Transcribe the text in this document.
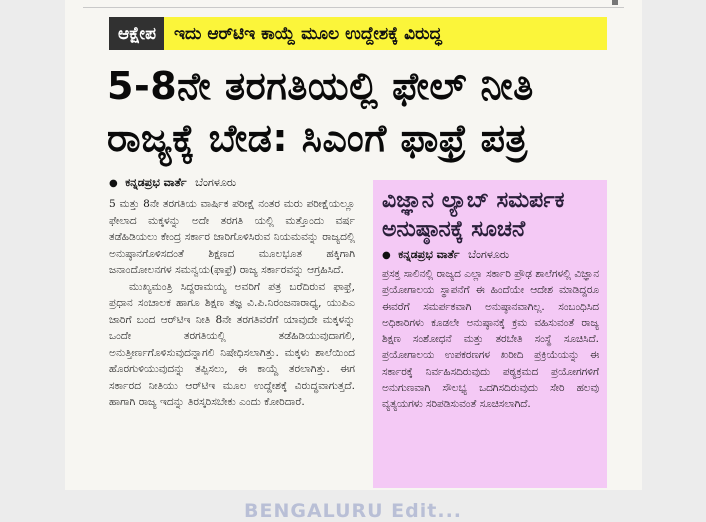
ಆಕ್ಷೇಪ	ಇದು ಆರ್‌ಟಿಇ ಕಾಯ್ದೆ ಮೂಲ ಉದ್ದೇಶಕ್ಕೆ ವಿರುದ್ಧ
5-8ನೇ ತರಗತಿಯಲ್ಲಿ ಫೇಲ್ ನೀತಿ
ರಾಜ್ಯಕ್ಕೆ ಬೇಡ: ಸಿಎಂಗೆ ಫಾಫ್ರೆ ಪತ್ರ
● ಕನ್ನಡಪ್ರಭ ವಾರ್ತೆ ಬೆಂಗಳೂರು

5 ಮತ್ತು 8ನೇ ತರಗತಿಯ ವಾರ್ಷಿಕ ಪರೀಕ್ಷೆ ನಂತರ ಮರು ಪರೀಕ್ಷೆಯಲ್ಲೂ ಫೇಲಾದ ಮಕ್ಕಳನ್ನು ಅದೇ ತರಗತಿ ಯಲ್ಲಿ ಮತ್ತೊಂದು ವರ್ಷ ತಡೆಹಿಡಿಯಲು ಕೇಂದ್ರ ಸರ್ಕಾರ ಜಾರಿಗೊಳಿಸಿರುವ ನಿಯಮವನ್ನು ರಾಜ್ಯದಲ್ಲಿ ಅನುಷ್ಠಾನಗೊಳಿಸದಂತೆ ಶಿಕ್ಷಣದ ಮೂಲಭೂತ ಹಕ್ಕಿಗಾಗಿ ಜನಾಂದೋಲನಗಳ ಸಮನ್ವಯ(ಫಾಫ್ರೆ) ರಾಜ್ಯ ಸರ್ಕಾರವನ್ನು ಆಗ್ರಹಿಸಿದೆ.

ಮುಖ್ಯಮಂತ್ರಿ ಸಿದ್ದರಾಮಯ್ಯ ಅವರಿಗೆ ಪತ್ರ ಬರೆದಿರುವ ಫಾಫ್ರೆ, ಪ್ರಧಾನ ಸಂಚಾಲಕ ಹಾಗೂ ಶಿಕ್ಷಣ ತಜ್ಞ ವಿ.ಪಿ.ನಿರಂಜನಾರಾಧ್ಯ, ಯುಪಿಎ ಜಾರಿಗೆ ಬಂದ ಆರ್‌ಟಿಇ ನೀತಿ 8ನೇ ತರಗತಿವರೆಗೆ ಯಾವುದೇ ಮಕ್ಕಳನ್ನು ಒಂದೇ ತರಗತಿಯಲ್ಲಿ ತಡೆಹಿಡಿಯುವುದಾಗಲಿ, ಅನುತ್ತೀರ್ಣಗೊಳಿಸುವುದನ್ನಾಗಲಿ ನಿಷೇಧಿಸಲಾಗಿತ್ತು. ಮಕ್ಕಳು ಶಾಲೆಯಿಂದ ಹೊರಗುಳಿಯುವುದನ್ನು ತಪ್ಪಿಸಲು, ಈ ಕಾಯ್ದೆ ತರಲಾಗಿತ್ತು. ಈಗ ಸರ್ಕಾರದ ನೀತಿಯು ಆರ್‌ಟಿಇ ಮೂಲ ಉದ್ದೇಶಕ್ಕೆ ವಿರುದ್ಧವಾಗುತ್ತದೆ. ಹಾಗಾಗಿ ರಾಜ್ಯ ಇದನ್ನು ತಿರಸ್ಕರಿಸಬೇಕು ಎಂದು ಕೋರಿದಾರೆ.

ವಿಜ್ಞಾನ ಲ್ಯಾಬ್ ಸಮರ್ಪಕ
ಅನುಷ್ಠಾನಕ್ಕೆ ಸೂಚನೆ
● ಕನ್ನಡಪ್ರಭ ವಾರ್ತೆ ಬೆಂಗಳೂರು

ಪ್ರಸಕ್ತ ಸಾಲಿನಲ್ಲಿ ರಾಜ್ಯದ ಎಲ್ಲಾ ಸರ್ಕಾರಿ ಪ್ರೌಢ ಶಾಲೆಗಳಲ್ಲಿ ವಿಜ್ಞಾನ ಪ್ರಯೋಗಾಲಯ ಸ್ಥಾಪನೆಗೆ ಈ ಹಿಂದೆಯೇ ಆದೇಶ ಮಾಡಿದ್ದರೂ ಈವರೆಗೆ ಸಮರ್ಪಕವಾಗಿ ಅನುಷ್ಠಾನವಾಗಿಲ್ಲ. ಸಂಬಂಧಿಸಿದ ಅಧಿಕಾರಿಗಳು ಕೂಡಲೇ ಅನುಷ್ಠಾನಕ್ಕೆ ಕ್ರಮ ವಹಿಸುವಂತೆ ರಾಜ್ಯ ಶಿಕ್ಷಣ ಸಂಶೋಧನೆ ಮತ್ತು ತರಬೇತಿ ಸಂಸ್ಥೆ ಸೂಚಿಸಿದೆ. ಪ್ರಯೋಗಾಲಯ ಉಪಕರಣಗಳ ಖರೀದಿ ಪ್ರಕ್ರಿಯೆಯನ್ನು ಈ ಸರ್ಕಾರಕ್ಕೆ ನಿರ್ವಹಿಸದಿರುವುದು ಪಠ್ಯಕ್ರಮದ ಪ್ರಯೋಗಗಳಿಗೆ ಅನುಗುಣವಾಗಿ ಸೌಲಭ್ಯ ಒದಗಿಸದಿರುವುದು ಸೇರಿ ಹಲವು ವ್ಯತ್ಯಯಗಳು ಸರಿಪಡಿಸುವಂತೆ ಸೂಚಿಸಲಾಗಿದೆ.

BENGALURU Edit...
